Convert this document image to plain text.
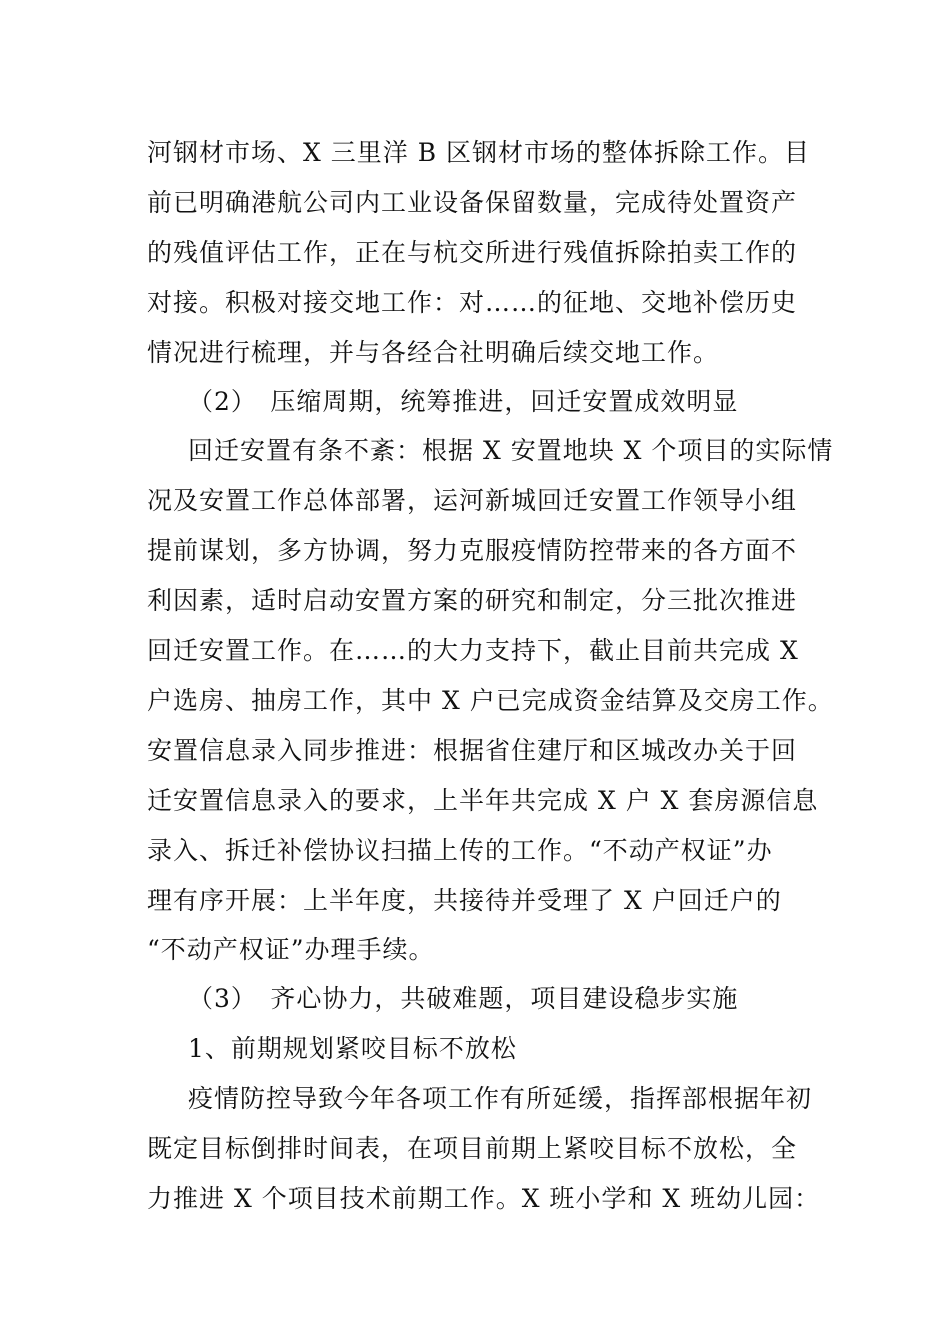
河钢材市场、X 三里洋 B 区钢材市场的整体拆除工作。目
前已明确港航公司内工业设备保留数量，完成待处置资产
的残值评估工作，正在与杭交所进行残值拆除拍卖工作的
对接。积极对接交地工作：对……的征地、交地补偿历史
情况进行梳理，并与各经合社明确后续交地工作。
（2）　压缩周期，统筹推进，回迁安置成效明显
回迁安置有条不紊：根据 X 安置地块 X 个项目的实际情
况及安置工作总体部署，运河新城回迁安置工作领导小组
提前谋划，多方协调，努力克服疫情防控带来的各方面不
利因素，适时启动安置方案的研究和制定，分三批次推进
回迁安置工作。在……的大力支持下，截止目前共完成 X
户选房、抽房工作，其中 X 户已完成资金结算及交房工作。
安置信息录入同步推进：根据省住建厅和区城改办关于回
迁安置信息录入的要求，上半年共完成 X 户 X 套房源信息
录入、拆迁补偿协议扫描上传的工作。“不动产权证”办
理有序开展：上半年度，共接待并受理了 X 户回迁户的
“不动产权证”办理手续。
（3）　齐心协力，共破难题，项目建设稳步实施
1、前期规划紧咬目标不放松
疫情防控导致今年各项工作有所延缓，指挥部根据年初
既定目标倒排时间表，在项目前期上紧咬目标不放松，全
力推进 X 个项目技术前期工作。X 班小学和 X 班幼儿园：
